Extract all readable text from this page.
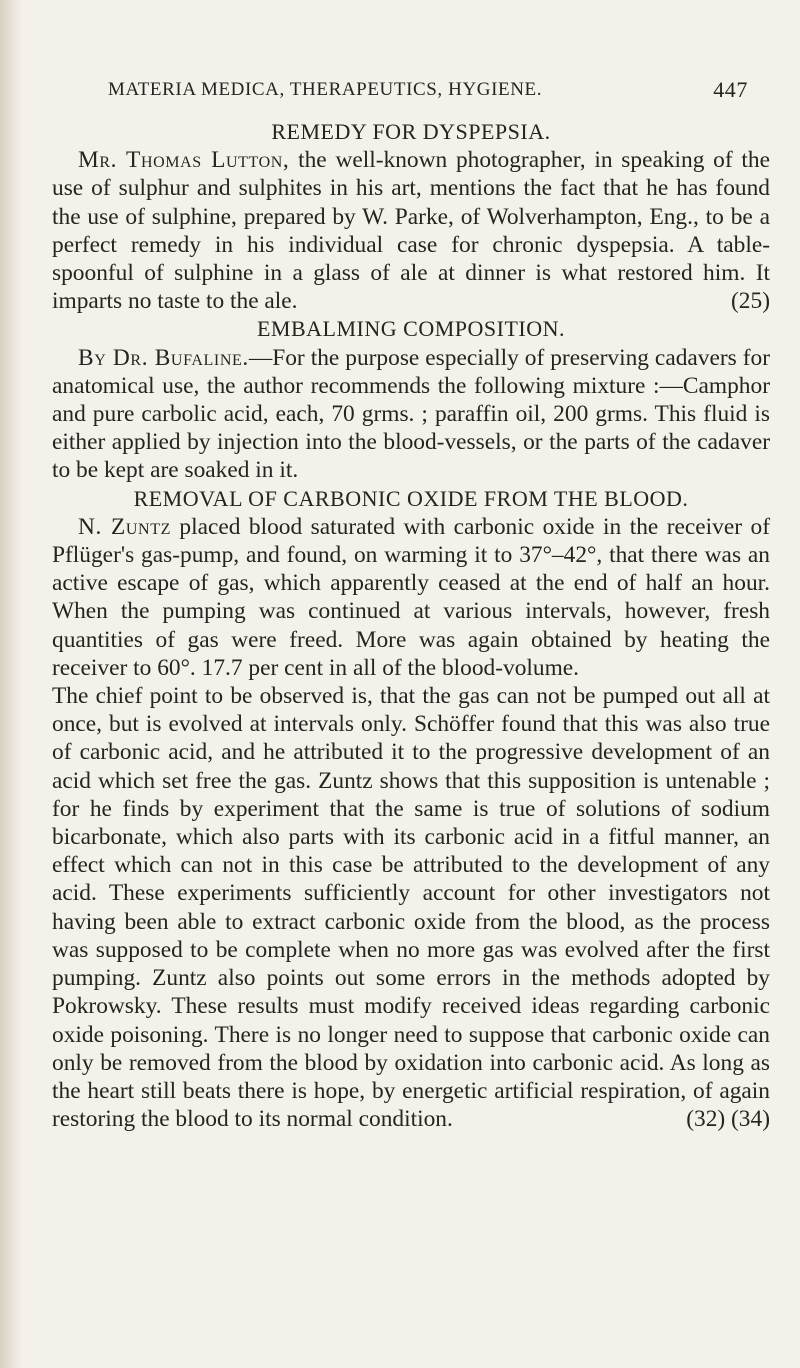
MATERIA MEDICA, THERAPEUTICS, HYGIENE.	447
REMEDY FOR DYSPEPSIA.

Mr. Thomas Lutton, the well-known photographer, in speaking of the use of sulphur and sulphites in his art, mentions the fact that he has found the use of sulphine, prepared by W. Parke, of Wolverhampton, Eng., to be a perfect remedy in his individual case for chronic dyspepsia. A table-spoonful of sulphine in a glass of ale at dinner is what restored him. It imparts no taste to the ale.	(25)

EMBALMING COMPOSITION.

By Dr. Bufaline.—For the purpose especially of preserving cadavers for anatomical use, the author recommends the following mixture :—Camphor and pure carbolic acid, each, 70 grms. ; paraffin oil, 200 grms. This fluid is either applied by injection into the blood-vessels, or the parts of the cadaver to be kept are soaked in it.

REMOVAL OF CARBONIC OXIDE FROM THE BLOOD.

N. Zuntz placed blood saturated with carbonic oxide in the receiver of Pflüger's gas-pump, and found, on warming it to 37°–42°, that there was an active escape of gas, which apparently ceased at the end of half an hour. When the pumping was continued at various intervals, however, fresh quantities of gas were freed. More was again obtained by heating the receiver to 60°. 17.7 per cent in all of the blood-volume.

The chief point to be observed is, that the gas can not be pumped out all at once, but is evolved at intervals only. Schöffer found that this was also true of carbonic acid, and he attributed it to the progressive development of an acid which set free the gas. Zuntz shows that this supposition is untenable ; for he finds by experiment that the same is true of solutions of sodium bicarbonate, which also parts with its carbonic acid in a fitful manner, an effect which can not in this case be attributed to the development of any acid. These experiments sufficiently account for other investigators not having been able to extract carbonic oxide from the blood, as the process was supposed to be complete when no more gas was evolved after the first pumping. Zuntz also points out some errors in the methods adopted by Pokrowsky. These results must modify received ideas regarding carbonic oxide poisoning. There is no longer need to suppose that carbonic oxide can only be removed from the blood by oxidation into carbonic acid. As long as the heart still beats there is hope, by energetic artificial respiration, of again restoring the blood to its normal condition.	(32) (34)
